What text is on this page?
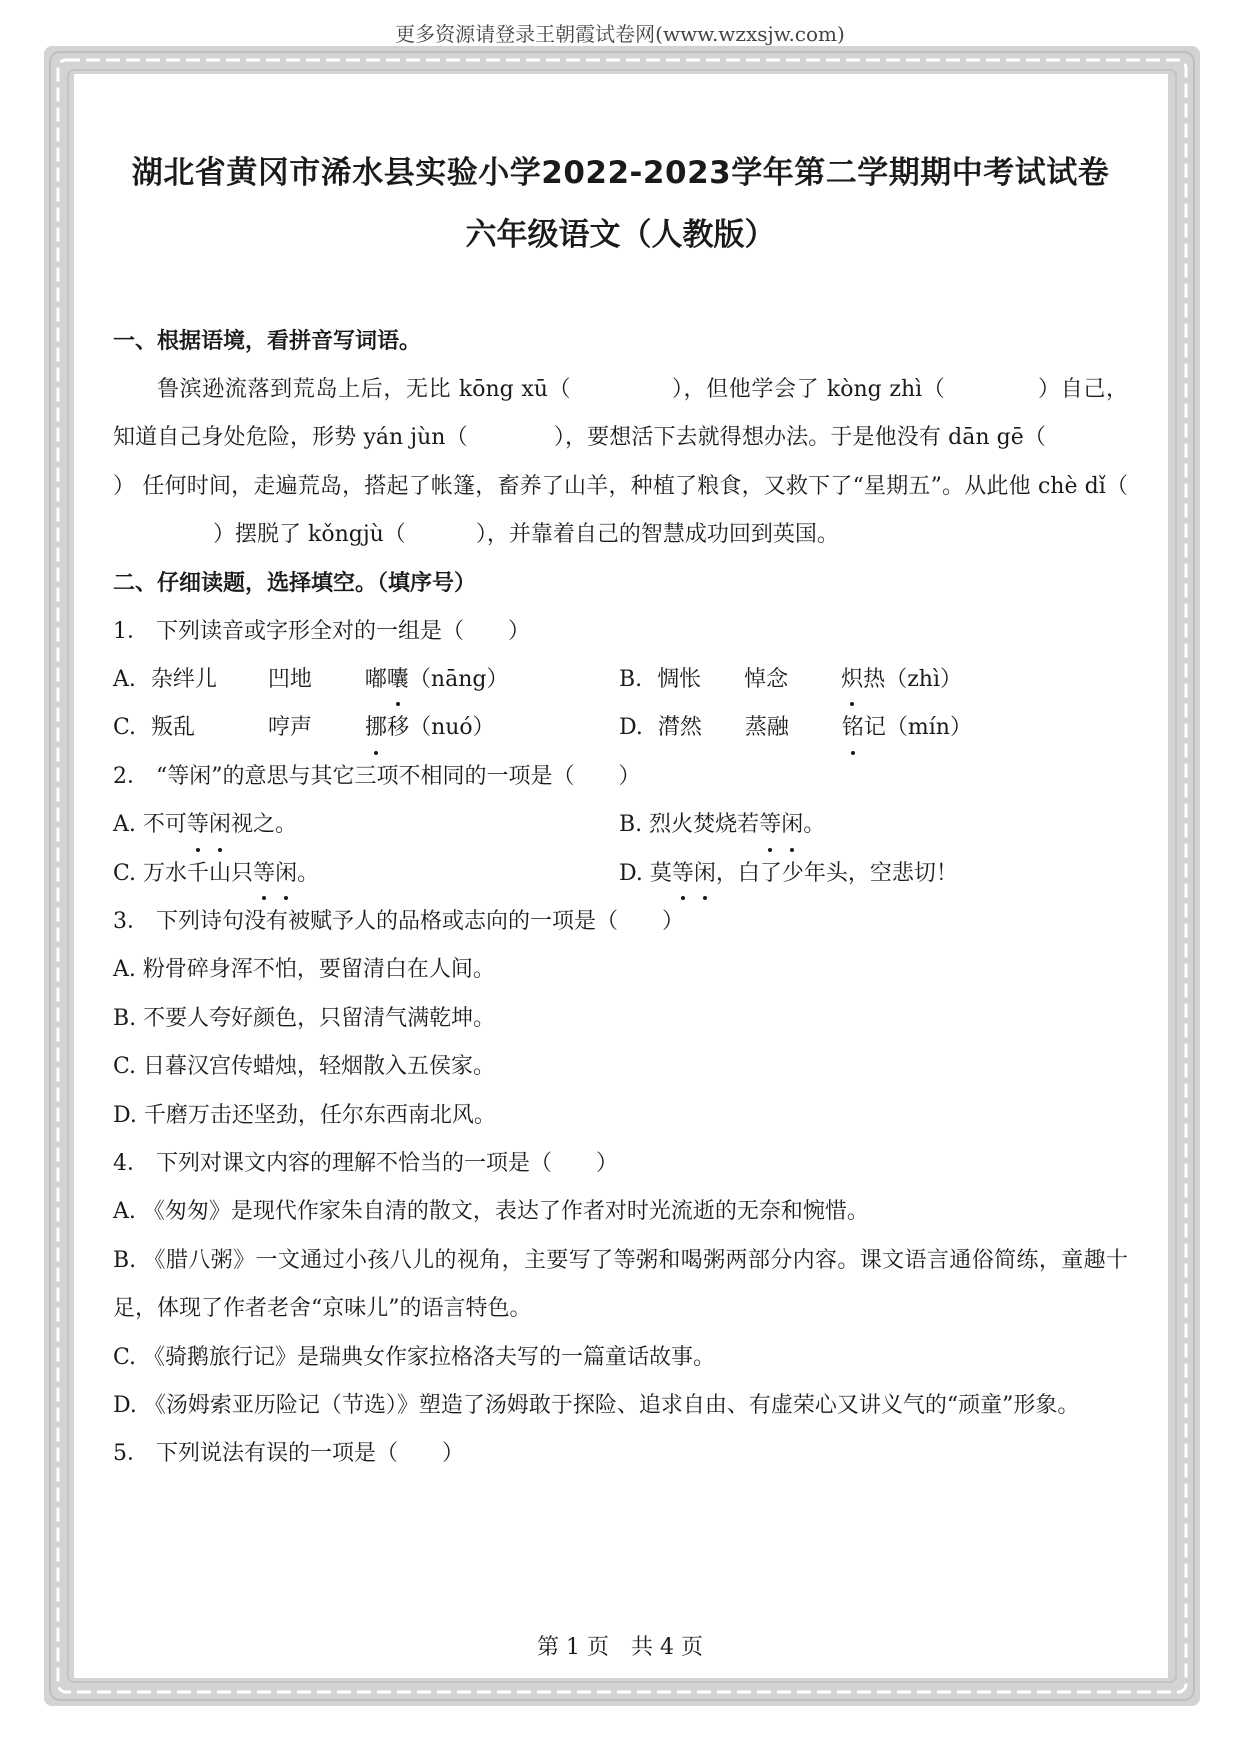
更多资源请登录王朝霞试卷网(www.wzxsjw.com)
湖北省黄冈市浠水县实验小学2022-2023学年第二学期期中考试试卷
六年级语文（人教版）

一、根据语境，看拼音写词语。

鲁滨逊流落到荒岛上后，无比 kōng xū（	），但他学会了 kòng zhì（	）自己，知道自己身处危险，形势 yán jùn（	），要想活下去就得想办法。于是他没有 dān gē（） 任何时间，走遍荒岛，搭起了帐篷，畜养了山羊，种植了粮食，又救下了“星期五”。从此他 chè dǐ（）摆脱了 kǒngjù（	），并靠着自己的智慧成功回到英国。

二、仔细读题，选择填空。（填序号）

1． 下列读音或字形全对的一组是（　　）

A. 杂绊儿 凹地 嘟囔（nāng）	B. 惆怅 悼念 炽热（zhì）
C. 叛乱	哼声 挪移（nuó）	D. 潸然 蒸融 铭记（mín）

2． “等闲”的意思与其它三项不相同的一项是（　　）

A. 不可等闲视之。	B. 烈火焚烧若等闲。
C. 万水千山只等闲。	D. 莫等闲，白了少年头，空悲切！

3． 下列诗句没有被赋予人的品格或志向的一项是（　　）

A. 粉骨碎身浑不怕，要留清白在人间。

B. 不要人夸好颜色，只留清气满乾坤。

C. 日暮汉宫传蜡烛，轻烟散入五侯家。

D. 千磨万击还坚劲，任尔东西南北风。

4． 下列对课文内容的理解不恰当的一项是（　　）

A. 《匆匆》是现代作家朱自清的散文，表达了作者对时光流逝的无奈和惋惜。

B. 《腊八粥》一文通过小孩八儿的视角，主要写了等粥和喝粥两部分内容。课文语言通俗简练，童趣十足，体现了作者老舍“京味儿”的语言特色。

C. 《骑鹅旅行记》是瑞典女作家拉格洛夫写的一篇童话故事。

D. 《汤姆索亚历险记（节选）》塑造了汤姆敢于探险、追求自由、有虚荣心又讲义气的“顽童”形象。

5． 下列说法有误的一项是（　　）

第 1 页　共 4 页
